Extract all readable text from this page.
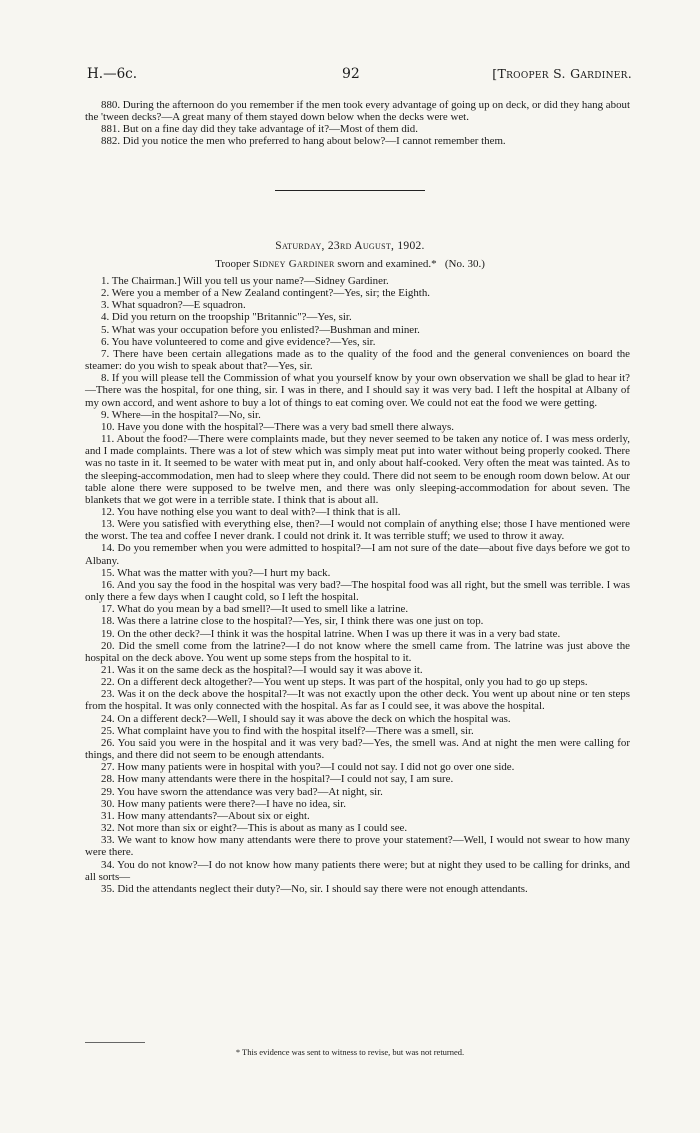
H.—6c.	92	[Trooper S. Gardiner.

880. During the afternoon do you remember if the men took every advantage of going up on deck, or did they hang about the 'tween decks?—A great many of them stayed down below when the decks were wet.

881. But on a fine day did they take advantage of it?—Most of them did.

882. Did you notice the men who preferred to hang about below?—I cannot remember them.

Saturday, 23rd August, 1902.
Trooper Sidney Gardiner sworn and examined.* (No. 30.)

1. The Chairman.] Will you tell us your name?—Sidney Gardiner.

2. Were you a member of a New Zealand contingent?—Yes, sir; the Eighth.

3. What squadron?—E squadron.

4. Did you return on the troopship "Britannic"?—Yes, sir.

5. What was your occupation before you enlisted?—Bushman and miner.

6. You have volunteered to come and give evidence?—Yes, sir.

7. There have been certain allegations made as to the quality of the food and the general conveniences on board the steamer: do you wish to speak about that?—Yes, sir.

8. If you will please tell the Commission of what you yourself know by your own observation we shall be glad to hear it?—There was the hospital, for one thing, sir. I was in there, and I should say it was very bad. I left the hospital at Albany of my own accord, and went ashore to buy a lot of things to eat coming over. We could not eat the food we were getting.

9. Where—in the hospital?—No, sir.

10. Have you done with the hospital?—There was a very bad smell there always.

11. About the food?—There were complaints made, but they never seemed to be taken any notice of. I was mess orderly, and I made complaints. There was a lot of stew which was simply meat put into water without being properly cooked. There was no taste in it. It seemed to be water with meat put in, and only about half-cooked. Very often the meat was tainted. As to the sleeping-accommodation, men had to sleep where they could. There did not seem to be enough room down below. At our table alone there were supposed to be twelve men, and there was only sleeping-accommodation for about seven. The blankets that we got were in a terrible state. I think that is about all.

12. You have nothing else you want to deal with?—I think that is all.

13. Were you satisfied with everything else, then?—I would not complain of anything else; those I have mentioned were the worst. The tea and coffee I never drank. I could not drink it. It was terrible stuff; we used to throw it away.

14. Do you remember when you were admitted to hospital?—I am not sure of the date—about five days before we got to Albany.

15. What was the matter with you?—I hurt my back.

16. And you say the food in the hospital was very bad?—The hospital food was all right, but the smell was terrible. I was only there a few days when I caught cold, so I left the hospital.

17. What do you mean by a bad smell?—It used to smell like a latrine.

18. Was there a latrine close to the hospital?—Yes, sir, I think there was one just on top.

19. On the other deck?—I think it was the hospital latrine. When I was up there it was in a very bad state.

20. Did the smell come from the latrine?—I do not know where the smell came from. The latrine was just above the hospital on the deck above. You went up some steps from the hospital to it.

21. Was it on the same deck as the hospital?—I would say it was above it.

22. On a different deck altogether?—You went up steps. It was part of the hospital, only you had to go up steps.

23. Was it on the deck above the hospital?—It was not exactly upon the other deck. You went up about nine or ten steps from the hospital. It was only connected with the hospital. As far as I could see, it was above the hospital.

24. On a different deck?—Well, I should say it was above the deck on which the hospital was.

25. What complaint have you to find with the hospital itself?—There was a smell, sir.

26. You said you were in the hospital and it was very bad?—Yes, the smell was. And at night the men were calling for things, and there did not seem to be enough attendants.

27. How many patients were in hospital with you?—I could not say. I did not go over one side.

28. How many attendants were there in the hospital?—I could not say, I am sure.

29. You have sworn the attendance was very bad?—At night, sir.

30. How many patients were there?—I have no idea, sir.

31. How many attendants?—About six or eight.

32. Not more than six or eight?—This is about as many as I could see.

33. We want to know how many attendants were there to prove your statement?—Well, I would not swear to how many were there.

34. You do not know?—I do not know how many patients there were; but at night they used to be calling for drinks, and all sorts—

35. Did the attendants neglect their duty?—No, sir. I should say there were not enough attendants.

* This evidence was sent to witness to revise, but was not returned.
